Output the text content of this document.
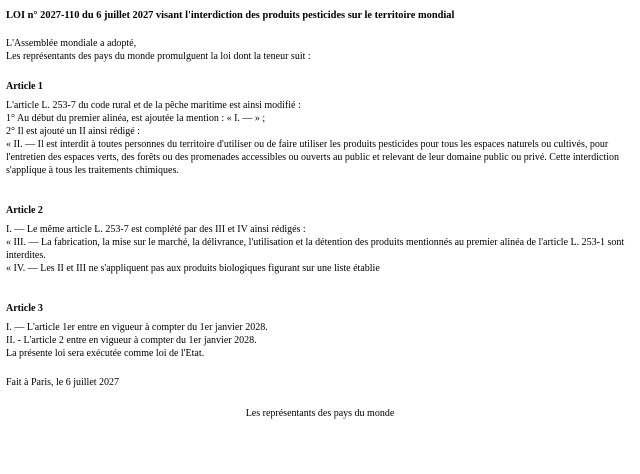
LOI n° 2027-110 du 6 juillet 2027 visant l'interdiction des produits pesticides sur le territoire mondial

L'Assemblée mondiale a adopté,
Les représentants des pays du monde promulguent la loi dont la teneur suit :

Article 1

L'article L. 253-7 du code rural et de la pêche maritime est ainsi modifié :
1° Au début du premier alinéa, est ajoutée la mention : « I. — » ;
2° Il est ajouté un II ainsi rédigé :
« II. — Il est interdit à toutes personnes du territoire d'utiliser ou de faire utiliser les produits pesticides pour tous les espaces naturels ou cultivés, pour l'entretien des espaces verts, des forêts ou des promenades accessibles ou ouverts au public et relevant de leur domaine public ou privé. Cette interdiction s'applique à tous les traitements chimiques.

Article 2

I. — Le même article L. 253-7 est complété par des III et IV ainsi rédigés :
« III. — La fabrication, la mise sur le marché, la délivrance, l'utilisation et la détention des produits mentionnés au premier alinéa de l'article L. 253-1 sont interdites.
« IV. — Les II et III ne s'appliquent pas aux produits biologiques figurant sur une liste établie

Article 3

I. — L'article 1er entre en vigueur à compter du 1er janvier 2028.
II. - L'article 2 entre en vigueur à compter du 1er janvier 2028.
La présente loi sera exécutée comme loi de l'Etat.

Fait à Paris, le 6 juillet 2027

Les représentants des pays du monde
